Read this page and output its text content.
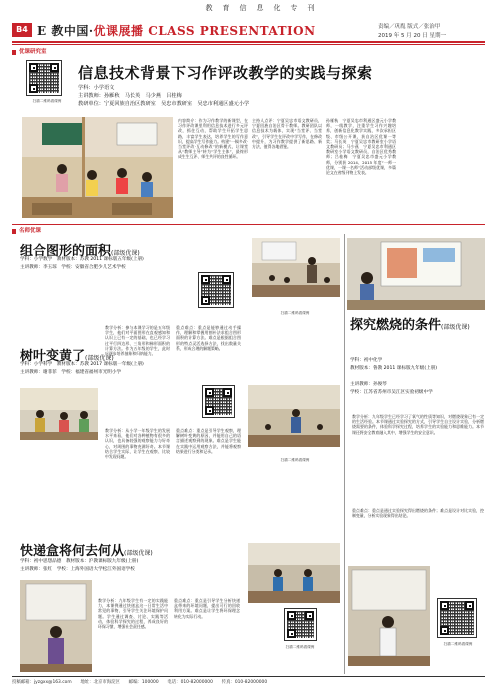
教育信息化专刊
B4 E 教中国·优课展播 CLASS PRESENTATION	责编／巩胤 版式／张治甲
2019 年 5 月 20 日 星期一
优课研究室
扫描二维码看课例
信息技术背景下习作评改教学的实践与探索
学科：小学语文
主讲教师：孙雁秋　马长英　马少燕　吕桂梅
教研单位：宁夏回族自治区教研室　吴忠市教研室　吴忠市利通区盛元小学
内容简介：作为习作教学的新课型，在习作评改课里利用信息技术进行多元评改，抓住互动，帮助学生开拓学生思路，丰富学生表达，培养学生的写作意识，提高学生写作能力。构建“一稿多改·当堂评改·互动修改”的新模式，让课堂从“教师主导”转为“学生主体”，最终形成生生互评、师生共评的良性循环。
主持人点评：宁夏吴忠市语文教研员，宁夏回族自治区骨干教师。教研团队以信息技术为载体，实现“当堂评、当堂改”，引导学生在评改中学写作，在修改中提升，为习作教学提供了新思路、新方法，值得各地借鉴。
孙雁秋　宁夏吴忠市利通区盛元小学教师，一线教学，注重学生习作兴趣培养，创新信息化教学实践，多次承担区级、市级公开课，获自治区优课一等奖；马长英　宁夏吴忠市教研室小学语文教研员；马少燕　宁夏吴忠市利通区教研室小学语文教研员，自治区优秀教师；吕桂梅　宁夏吴忠市盛元小学教师，分别获 2014、2015 年度“一师一优课，一课一名师”活动部级优课，多篇论文在省级刊物上发表。
名师优课
组合图形的面积(部级优课)
学科：小学数学　教材版本：苏教 2011 课标版五年级(上册)
主讲教师：李玉琼　学校：安徽省合肥少儿艺术学校
教学分析：参与本课学习的是五年级学生，他们对平面图形在直观感知和认识上已有一定的基础，也已经学习过平行四边形、三角形和梯形面积的计算方法。作为五年级的学生，此时应逐步培养抽象和归纳能力。
重点难点：重点是能够通过动手操作，理解和掌握用割补法求组合图形面积的计算方法。难点是根据组合图形的特点灵活选择方法，找出数量关系，形成合理的解题策略。
扫描二维码看课例
树叶变黄了(部级优课)
学科：小学科学　教材版本：苏教 2017 课标版一年级(上册)
主讲教师：谢菲菲　学校：福建省福州市光明小学
教学分析：从小学一年级学生的发展水平来看，他们对各种植物有很多的认识，也具备较强的观察能力与好奇心，对周围的事物充满好奇。本节课结合学生实际，让学生在观察、比较中发现问题。
重点难点：重点是引导学生观察，理解树叶变黄的原因，并能用自己的语言描述观察到的现象。难点是学生能在实践中运用观察方法，并能将观察结果进行分类和记录。
扫描二维码看课例
快递盒将何去何从(部级优课)
学科：初中思想品德　教材版本：沪教课标版九年级(上册)
主讲教师：张红　学校：上海外国语大学松江外国语学校
教学分析：九年级学生有一定的实践能力，本课例通过快递盒这一日常生活中常见的事物，引导学生关注环境保护问题。学生通过调查、讨论、实践等活动，体验科学探究的过程，养成良好的环保习惯，增强社会责任感。
重点难点：重点是引导学生分析快递盒带来的环境问题，提出可行的回收利用方案。难点是让学生将环保理念转化为实际行动。
扫描二维码看课例
探究燃烧的条件(部级优课)
学科：初中化学
教材版本：鲁教 2011 课标版九年级(上册)
主讲教师：孙俊琴
学校：江苏省苏州市吴江区实验初级中学
教学分析：九年级学生已经学习了氧气的性质等知识，对燃烧现象已有一定的生活经验。本节课通过实验探究的方式，引导学生自主设计实验，分析燃烧需要的条件，体验科学探究过程，培养学生的实验能力和思维能力。本节课还将安全教育融入其中，增强学生的安全意识。
重点难点：重点是通过实验探究得出燃烧的条件；难点是设计对比实验，控制变量，分析实验现象得出结论。
扫描二维码看课例
投稿邮箱：jyzgxx@163.com　　地址：北京市海淀区　　邮编：100000　　电话：010-82000000　　传真：010-82000000
